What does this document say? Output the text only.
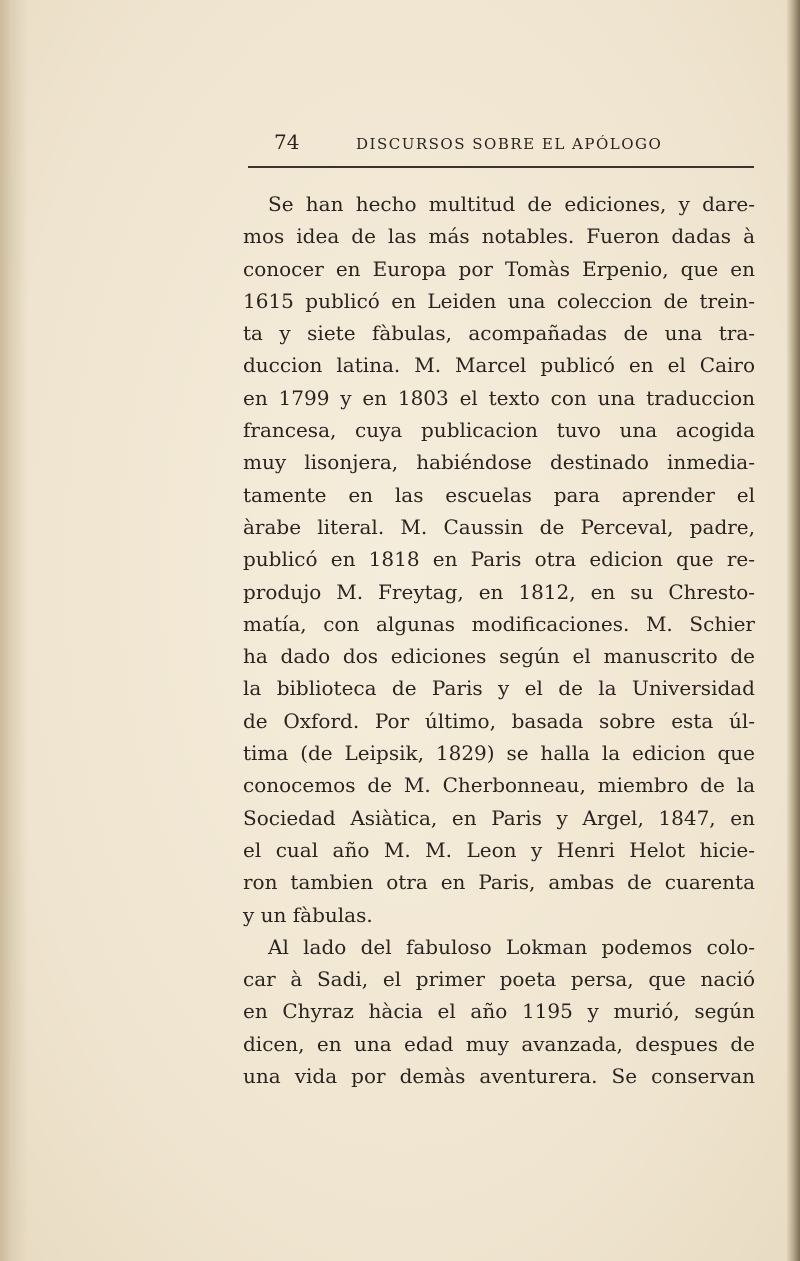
74	DISCURSOS SOBRE EL APÓLOGO
Se han hecho multitud de ediciones, y dare-
mos idea de las más notables. Fueron dadas à
conocer en Europa por Tomàs Erpenio, que en
1615 publicó en Leiden una coleccion de trein-
ta y siete fàbulas, acompañadas de una tra-
duccion latina. M. Marcel publicó en el Cairo
en 1799 y en 1803 el texto con una traduccion
francesa, cuya publicacion tuvo una acogida
muy lisonjera, habiéndose destinado inmedia-
tamente en las escuelas para aprender el
àrabe literal. M. Caussin de Perceval, padre,
publicó en 1818 en Paris otra edicion que re-
produjo M. Freytag, en 1812, en su Chresto-
matía, con algunas modificaciones. M. Schier
ha dado dos ediciones según el manuscrito de
la biblioteca de Paris y el de la Universidad
de Oxford. Por último, basada sobre esta úl-
tima (de Leipsik, 1829) se halla la edicion que
conocemos de M. Cherbonneau, miembro de la
Sociedad Asiàtica, en Paris y Argel, 1847, en
el cual año M. M. Leon y Henri Helot hicie-
ron tambien otra en Paris, ambas de cuarenta
y un fàbulas.
Al lado del fabuloso Lokman podemos colo-
car à Sadi, el primer poeta persa, que nació
en Chyraz hàcia el año 1195 y murió, según
dicen, en una edad muy avanzada, despues de
una vida por demàs aventurera. Se conservan
